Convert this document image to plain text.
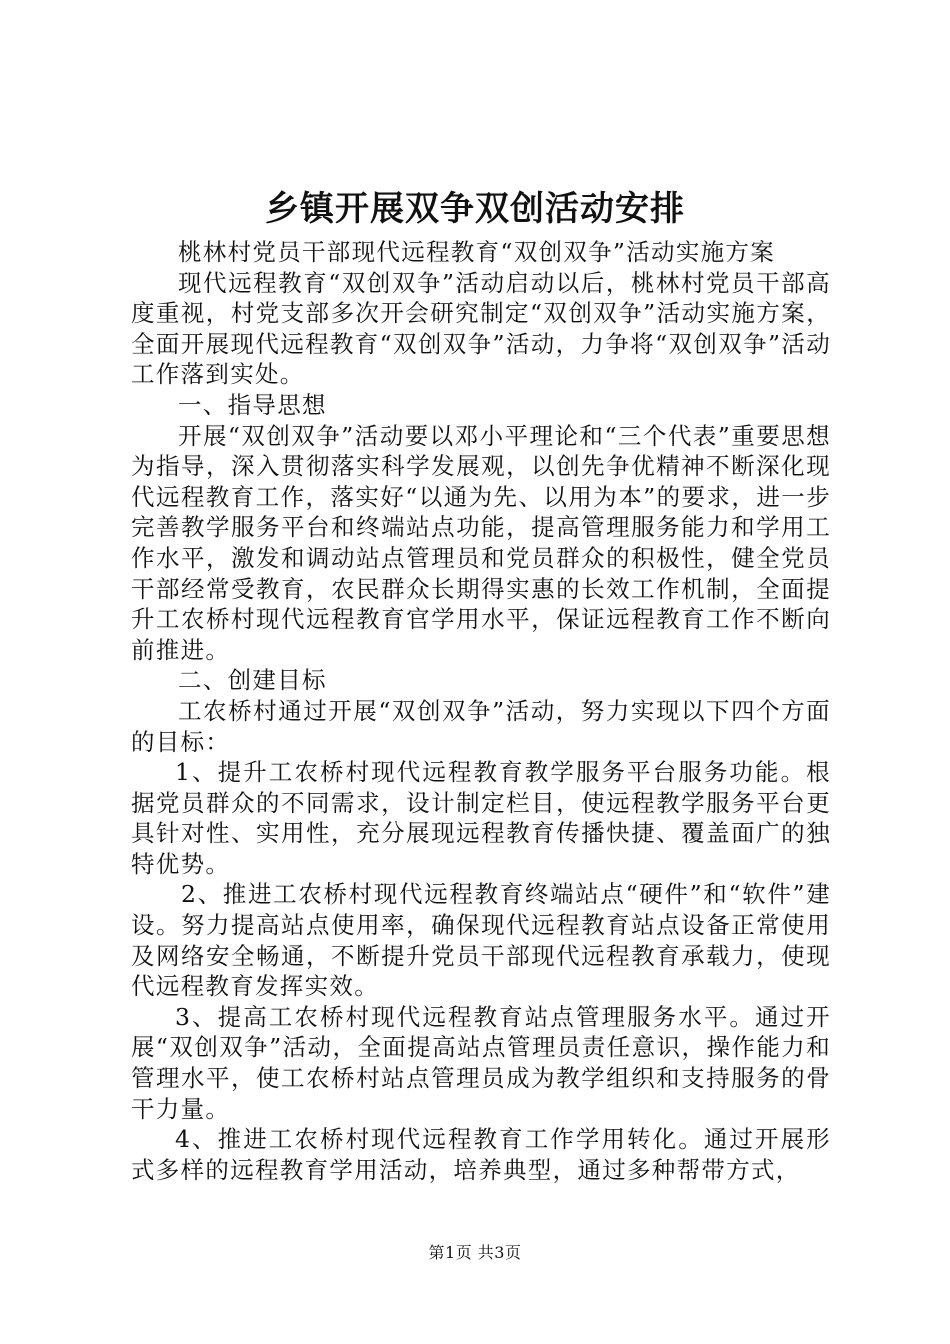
乡镇开展双争双创活动安排

桃林村党员干部现代远程教育“双创双争”活动实施方案

现代远程教育“双创双争”活动启动以后，桃林村党员干部高度重视，村党支部多次开会研究制定“双创双争”活动实施方案，全面开展现代远程教育“双创双争”活动，力争将“双创双争”活动工作落到实处。

一、指导思想

开展“双创双争”活动要以邓小平理论和“三个代表”重要思想为指导，深入贯彻落实科学发展观，以创先争优精神不断深化现代远程教育工作，落实好“以通为先、以用为本”的要求，进一步完善教学服务平台和终端站点功能，提高管理服务能力和学用工作水平，激发和调动站点管理员和党员群众的积极性，健全党员干部经常受教育，农民群众长期得实惠的长效工作机制，全面提升工农桥村现代远程教育官学用水平，保证远程教育工作不断向前推进。

二、创建目标

工农桥村通过开展“双创双争”活动，努力实现以下四个方面的目标：

1、提升工农桥村现代远程教育教学服务平台服务功能。根据党员群众的不同需求，设计制定栏目，使远程教学服务平台更具针对性、实用性，充分展现远程教育传播快捷、覆盖面广的独特优势。

2、推进工农桥村现代远程教育终端站点“硬件”和“软件”建设。努力提高站点使用率，确保现代远程教育站点设备正常使用及网络安全畅通，不断提升党员干部现代远程教育承载力，使现代远程教育发挥实效。

3、提高工农桥村现代远程教育站点管理服务水平。通过开展“双创双争”活动，全面提高站点管理员责任意识，操作能力和管理水平，使工农桥村站点管理员成为教学组织和支持服务的骨干力量。

4、推进工农桥村现代远程教育工作学用转化。通过开展形式多样的远程教育学用活动，培养典型，通过多种帮带方式，

第1页 共3页
